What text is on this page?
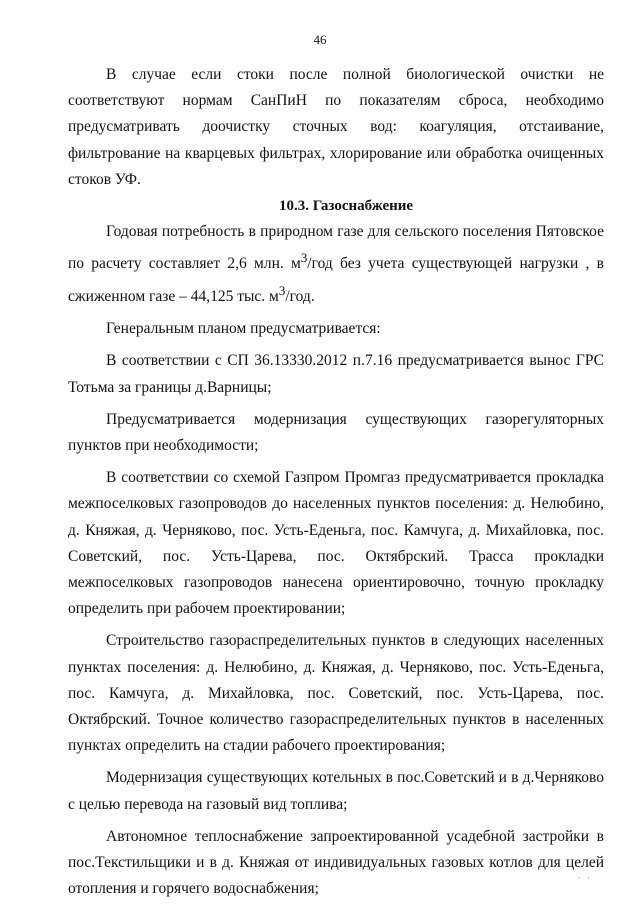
46

В случае если стоки после полной биологической очистки не соответствуют нормам СанПиН по показателям сброса, необходимо предусматривать доочистку сточных вод: коагуляция, отстаивание, фильтрование на кварцевых фильтрах, хлорирование или обработка очищенных стоков УФ.

10.3. Газоснабжение

Годовая потребность в природном газе для сельского поселения Пятовское по расчету составляет 2,6 млн. $м^3$/год без учета существующей нагрузки , в сжиженном газе – 44,125 тыс. $м^3$/год.

Генеральным планом предусматривается:

В соответствии с СП 36.13330.2012 п.7.16 предусматривается вынос ГРС Тотьма за границы д.Варницы;

Предусматривается модернизация существующих газорегуляторных пунктов при необходимости;

В соответствии со схемой Газпром Промгаз предусматривается прокладка межпоселковых газопроводов до населенных пунктов поселения: д. Нелюбино, д. Княжая, д. Черняково, пос. Усть-Еденьга, пос. Камчуга, д. Михайловка, пос. Советский, пос. Усть-Царева, пос. Октябрский. Трасса прокладки межпоселковых газопроводов нанесена ориентировочно, точную прокладку определить при рабочем проектировании;

Строительство газораспределительных пунктов в следующих населенных пунктах поселения: д. Нелюбино, д. Княжая, д. Черняково, пос. Усть-Еденьга, пос. Камчуга, д. Михайловка, пос. Советский, пос. Усть-Царева, пос. Октябрский. Точное количество газораспределительных пунктов в населенных пунктах определить на стадии рабочего проектирования;

Модернизация существующих котельных в пос.Советский и в д.Черняково с целью перевода на газовый вид топлива;

Автономное теплоснабжение запроектированной усадебной застройки в пос.Текстильщики и в д. Княжая от индивидуальных газовых котлов для целей отопления и горячего водоснабжения;

· ·
